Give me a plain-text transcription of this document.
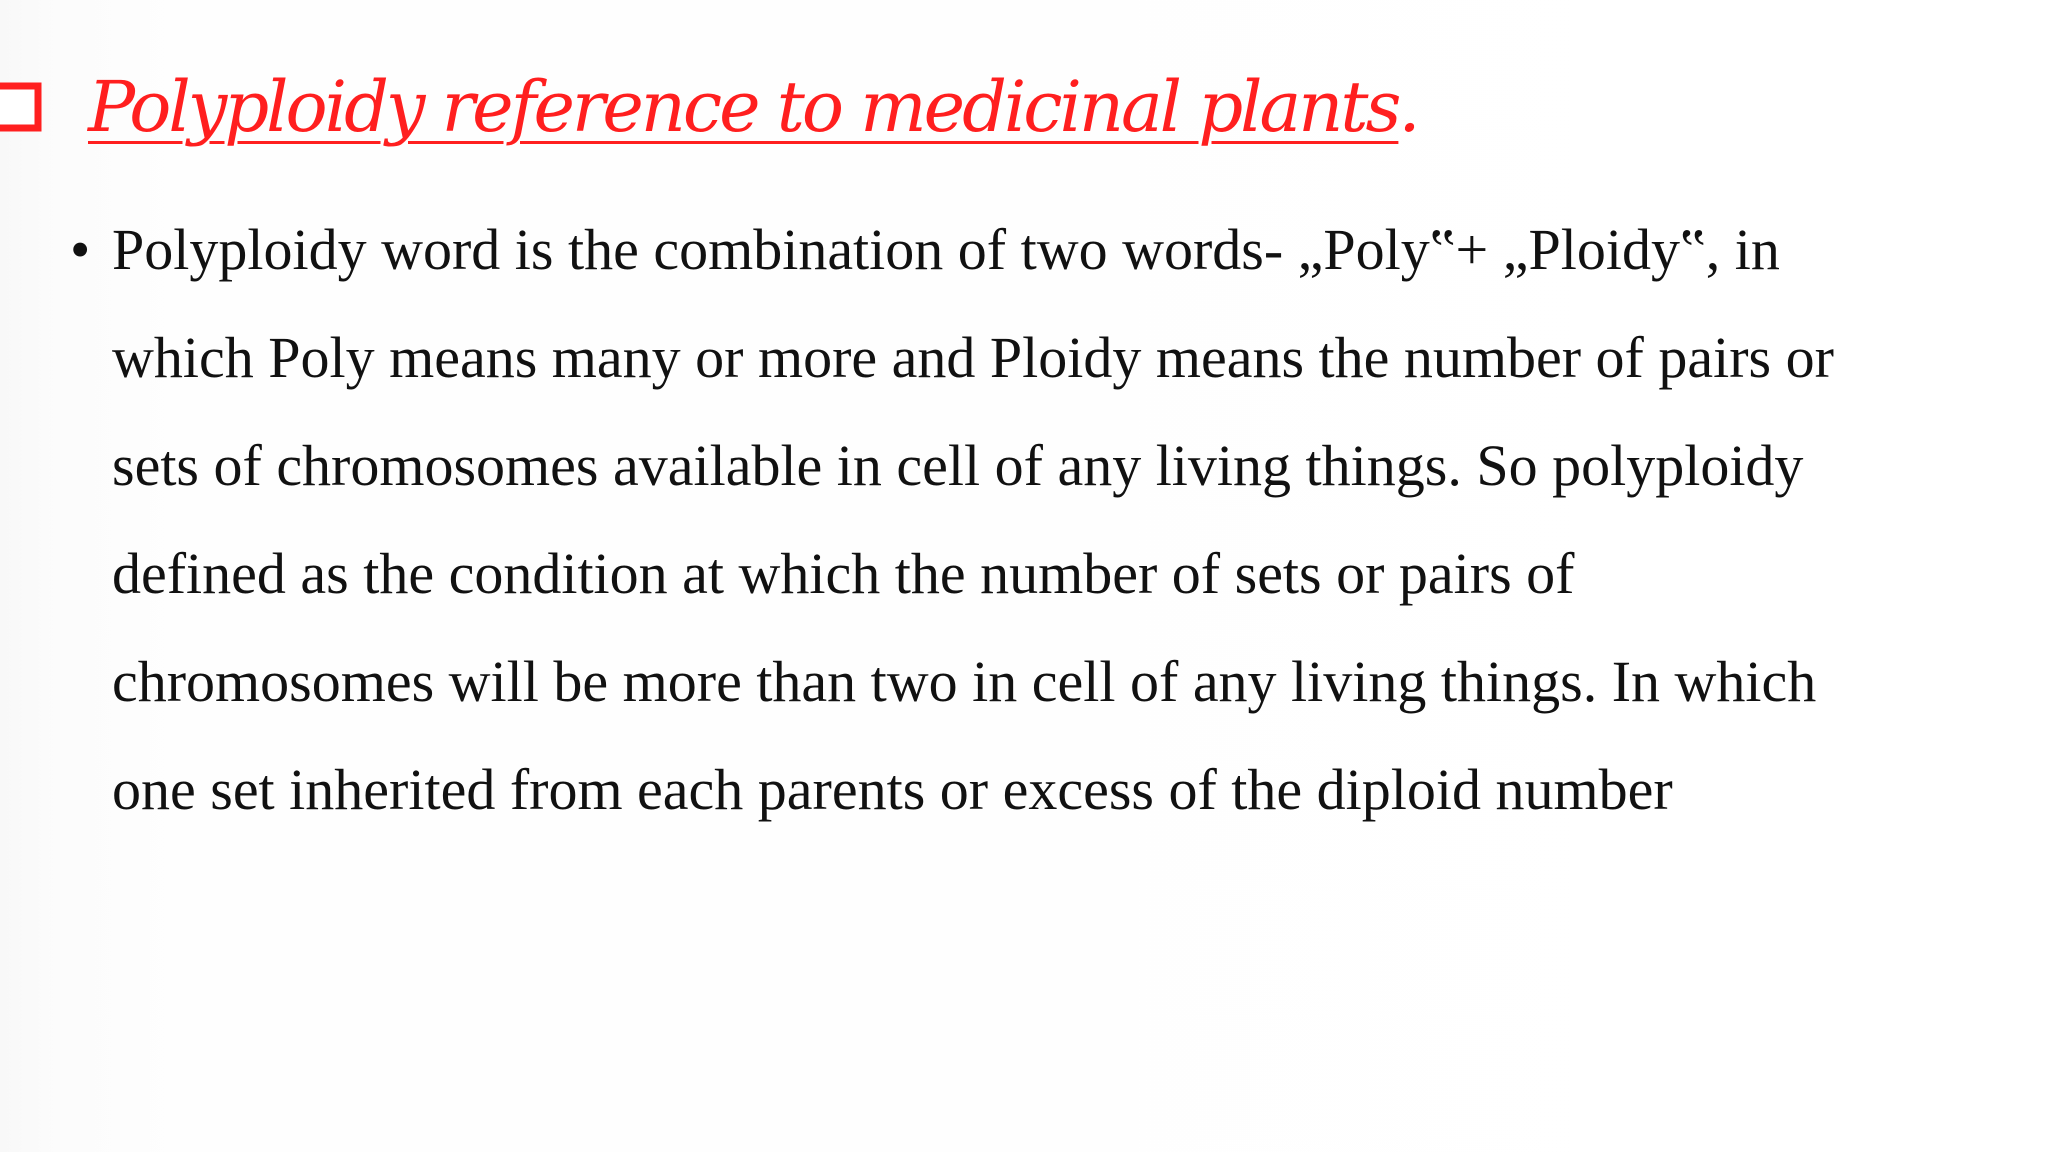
Polyploidy reference to medicinal plants.
• Polyploidy word is the combination of two words- „Poly‟+ „Ploidy‟, in
which Poly means many or more and Ploidy means the number of pairs or
sets of chromosomes available in cell of any living things. So polyploidy
defined as the condition at which the number of sets or pairs of
chromosomes will be more than two in cell of any living things. In which
one set inherited from each parents or excess of the diploid number
